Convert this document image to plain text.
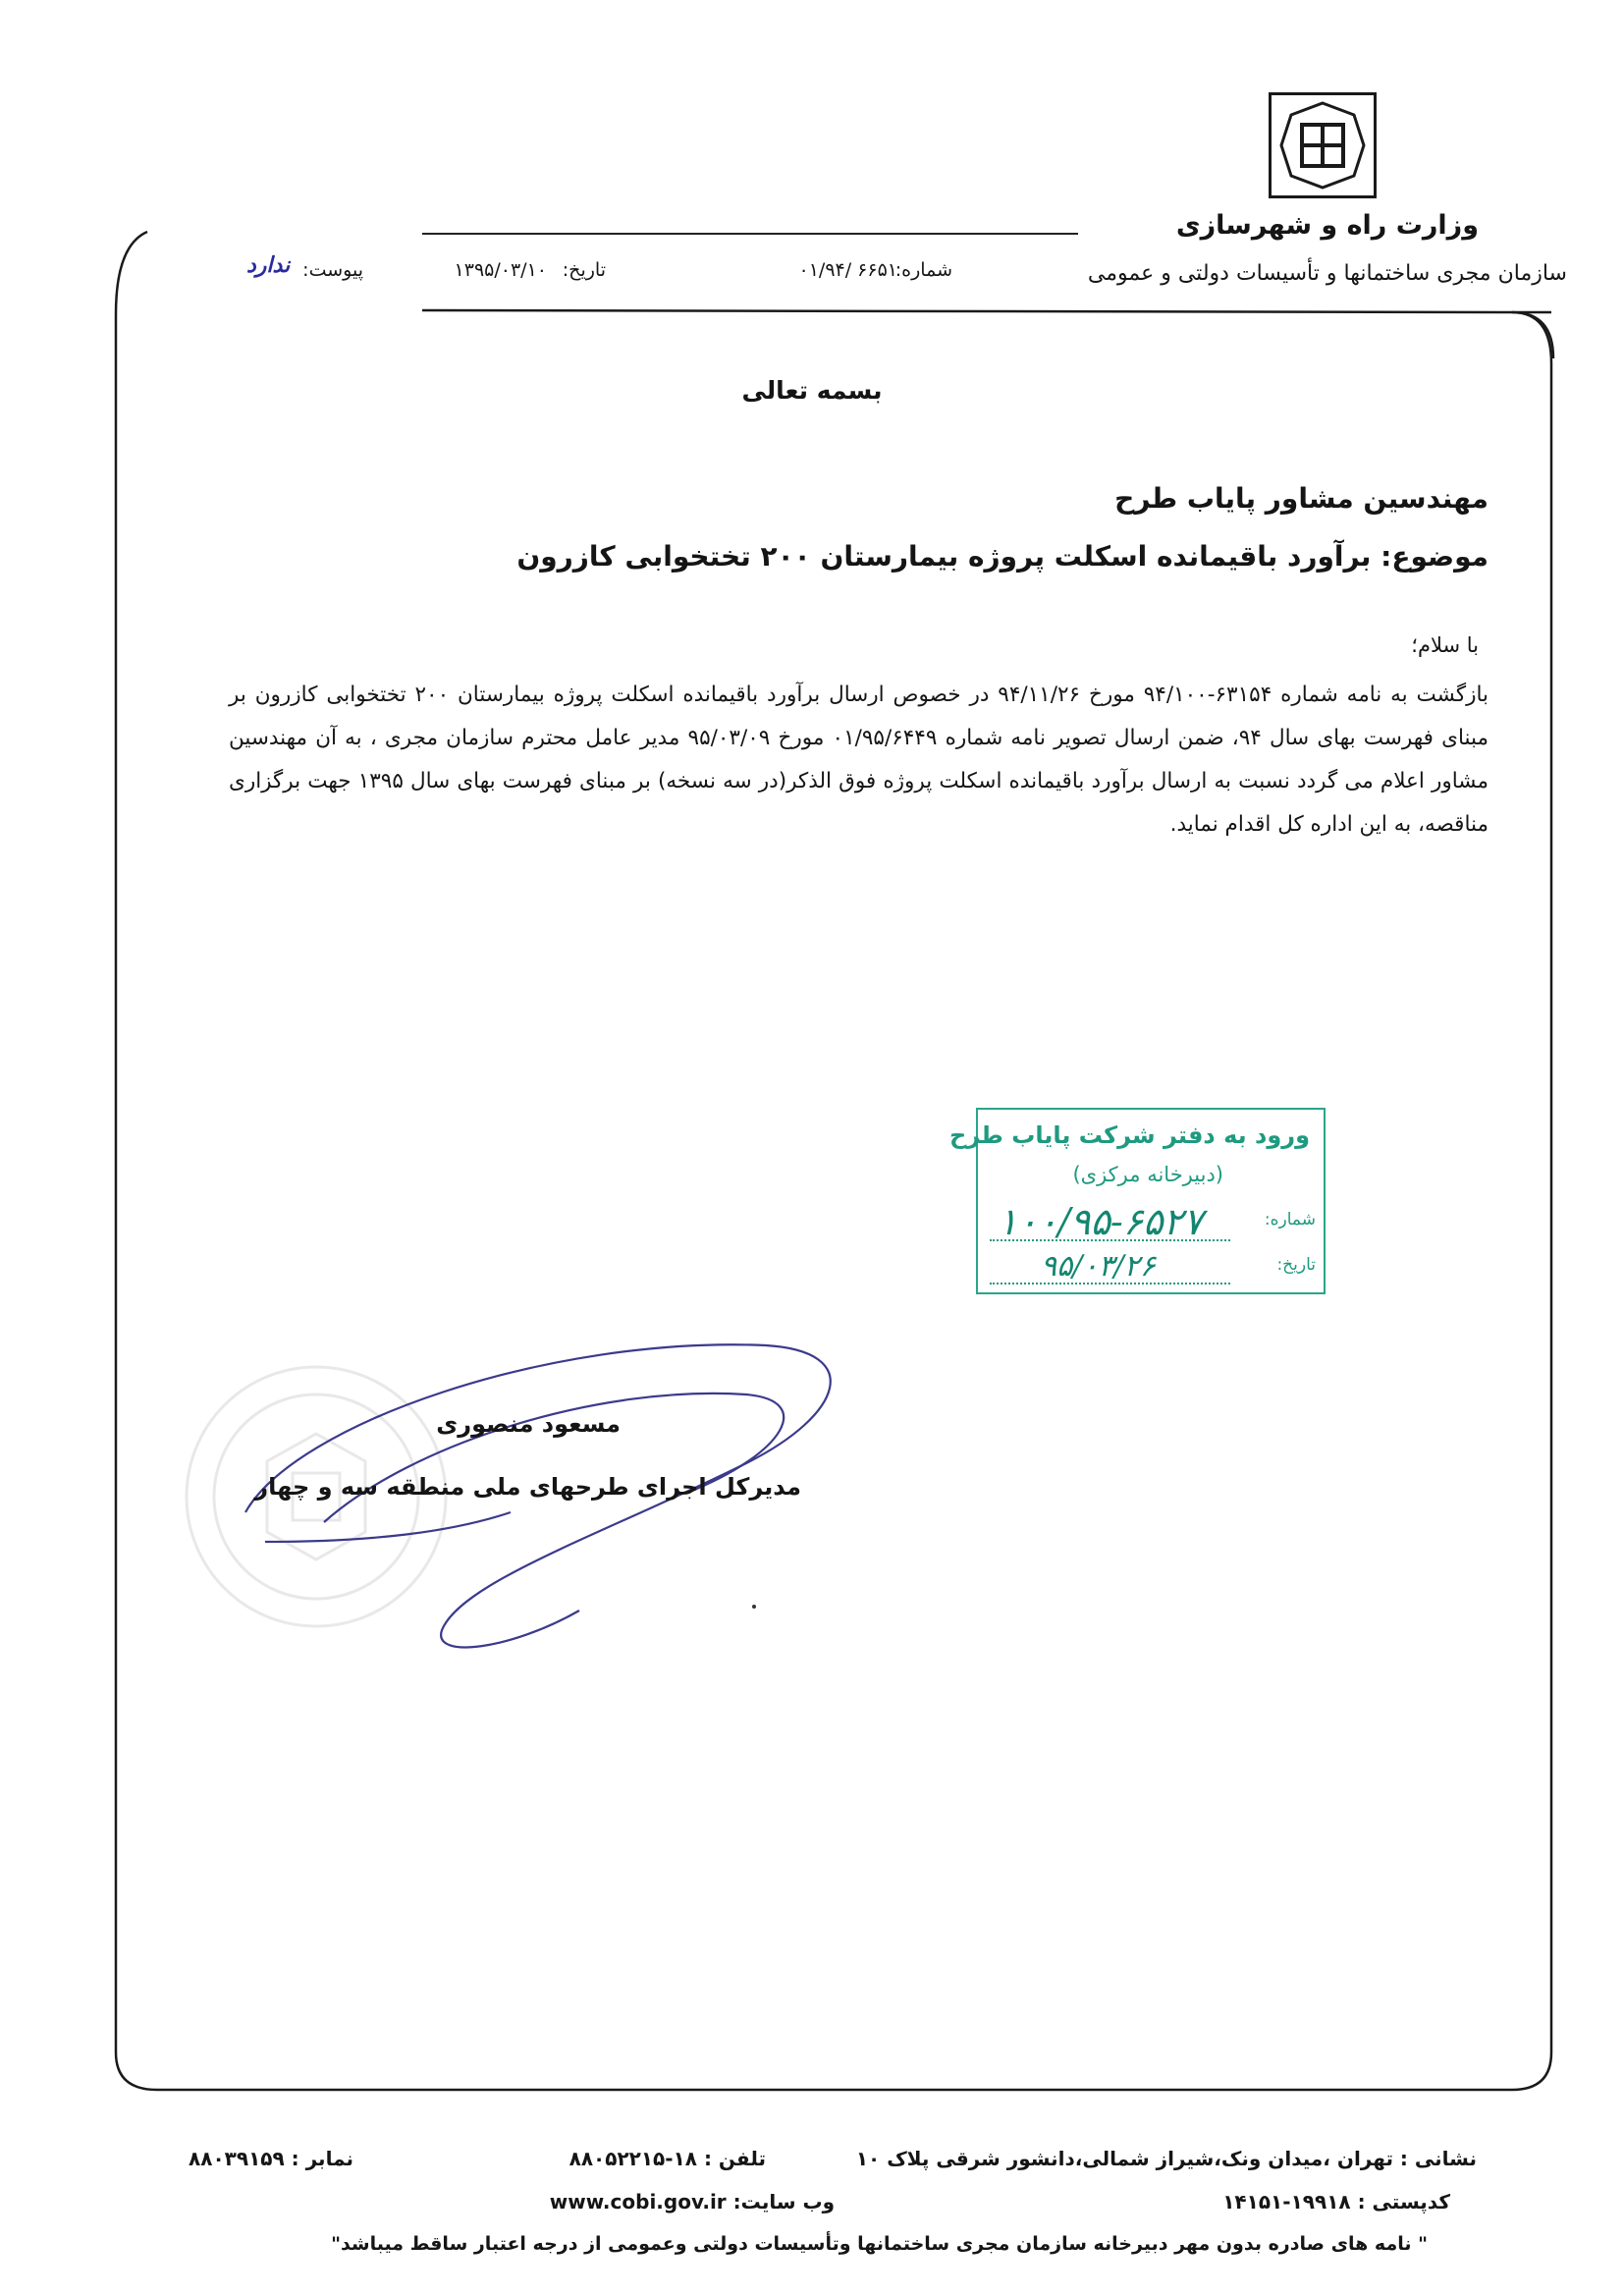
وزارت راه و شهرسازی
سازمان مجری ساختمانها و تأسیسات دولتی و عمومی
شماره:
۰۱/۹۴/ ۶۶۵۱
تاریخ:
۱۳۹۵/۰۳/۱۰
پیوست:
ندارد
بسمه تعالی
مهندسین مشاور پایاب طرح
موضوع: برآورد باقیمانده اسکلت پروژه بیمارستان ۲۰۰ تختخوابی کازرون
با سلام؛
بازگشت به نامه شماره ۶۳۱۵۴-۹۴/۱۰۰ مورخ ۹۴/۱۱/۲۶ در خصوص ارسال برآورد باقیمانده اسکلت پروژه بیمارستان ۲۰۰ تختخوابی کازرون بر مبنای فهرست بهای سال ۹۴، ضمن ارسال تصویر نامه شماره ۰۱/۹۵/۶۴۴۹ مورخ ۹۵/۰۳/۰۹ مدیر عامل محترم سازمان مجری ، به آن مهندسین مشاور اعلام می گردد نسبت به ارسال برآورد باقیمانده اسکلت پروژه فوق الذکر(در سه نسخه) بر مبنای فهرست بهای سال ۱۳۹۵ جهت برگزاری مناقصه، به این اداره کل اقدام نماید.
ورود به دفتر شرکت پایاب طرح
(دبیرخانه مرکزی)
شماره:
۱۰۰/۹۵-۶۵۲۷
تاریخ:
۹۵/۰۳/۲۶
مسعود منصوری
مدیرکل اجرای طرحهای ملی منطقه سه و چهار
نشانی : تهران ،میدان ونک،شیراز شمالی،دانشور شرقی پلاک ۱۰
کدپستی : ۱۹۹۱۸-۱۴۱۵۱
تلفن : ۱۸-۸۸۰۵۲۲۱۵
وب سایت: www.cobi.gov.ir
نمابر : ۸۸۰۳۹۱۵۹
" نامه های صادره بدون مهر دبیرخانه سازمان مجری ساختمانها وتأسیسات دولتی وعمومی از درجه اعتبار ساقط میباشد"
